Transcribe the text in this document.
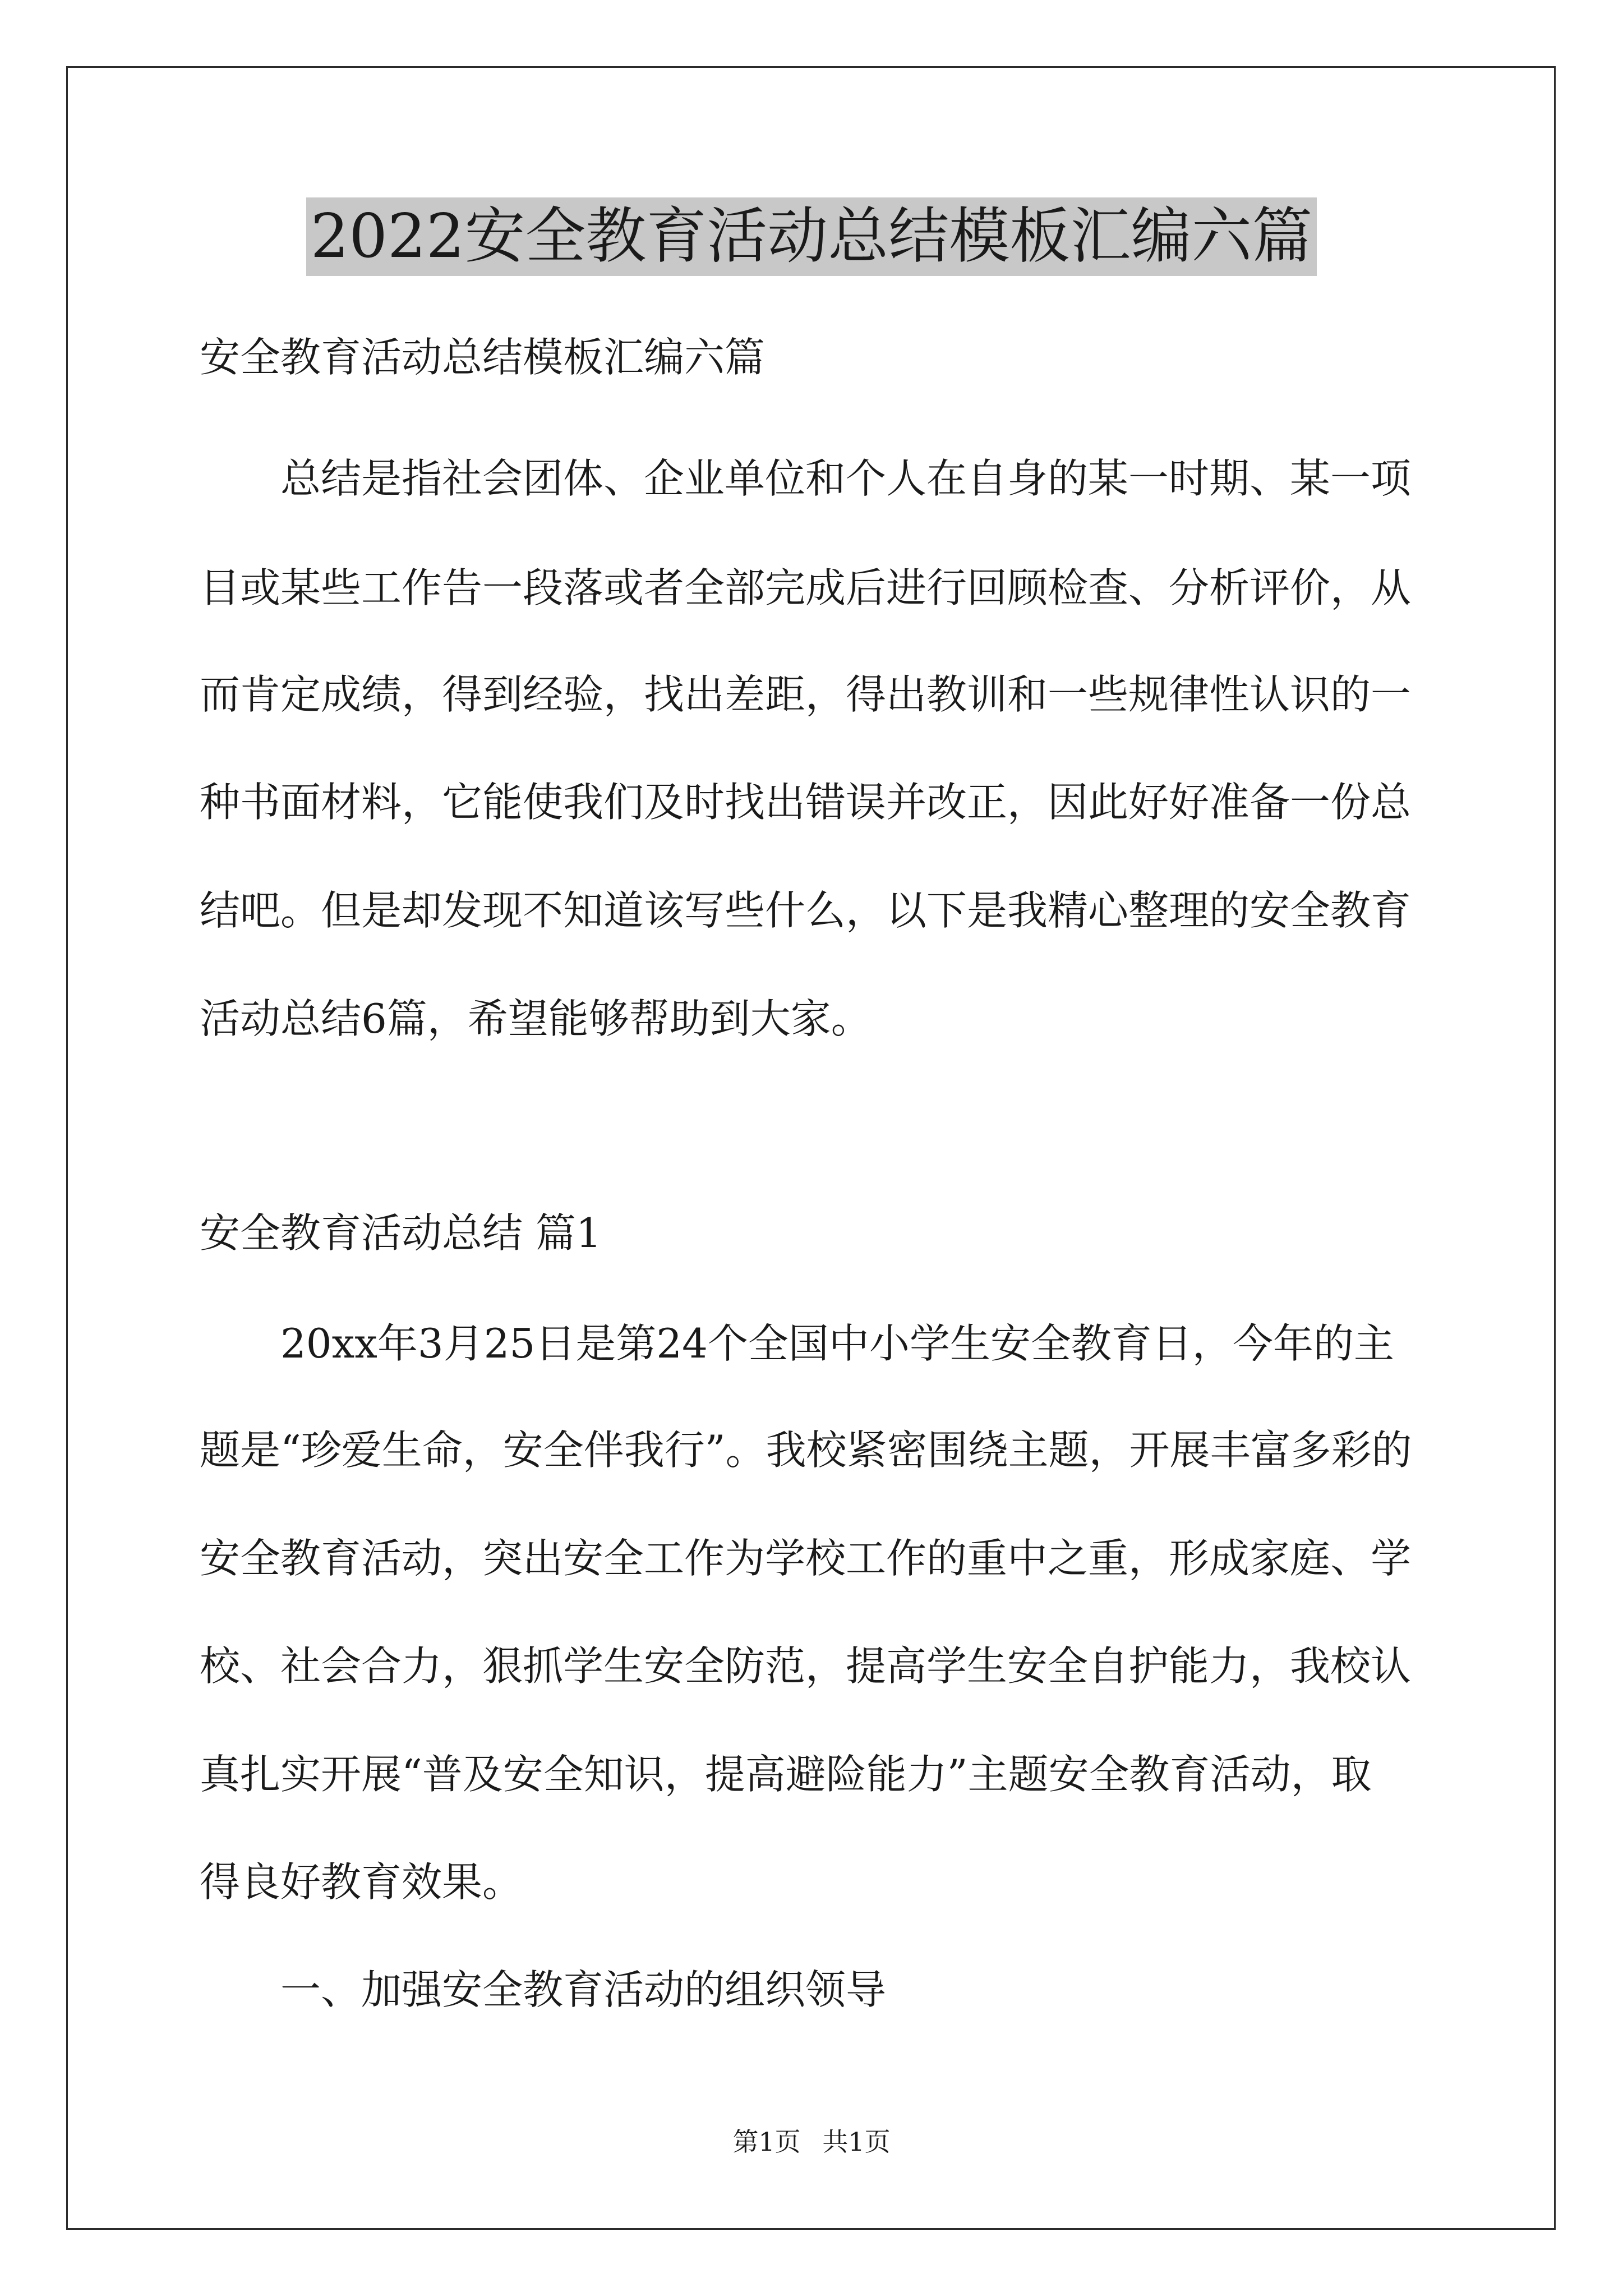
2022安全教育活动总结模板汇编六篇
安全教育活动总结模板汇编六篇
总结是指社会团体、企业单位和个人在自身的某一时期、某一项
目或某些工作告一段落或者全部完成后进行回顾检查、分析评价，从
而肯定成绩，得到经验，找出差距，得出教训和一些规律性认识的一
种书面材料，它能使我们及时找出错误并改正，因此好好准备一份总
结吧。但是却发现不知道该写些什么，以下是我精心整理的安全教育
活动总结6篇，希望能够帮助到大家。
安全教育活动总结 篇1
20xx年3月25日是第24个全国中小学生安全教育日，今年的主
题是“珍爱生命，安全伴我行”。我校紧密围绕主题，开展丰富多彩的
安全教育活动，突出安全工作为学校工作的重中之重，形成家庭、学
校、社会合力，狠抓学生安全防范，提高学生安全自护能力，我校认
真扎实开展“普及安全知识，提高避险能力”主题安全教育活动，取
得良好教育效果。
一、加强安全教育活动的组织领导
第1页 共1页
